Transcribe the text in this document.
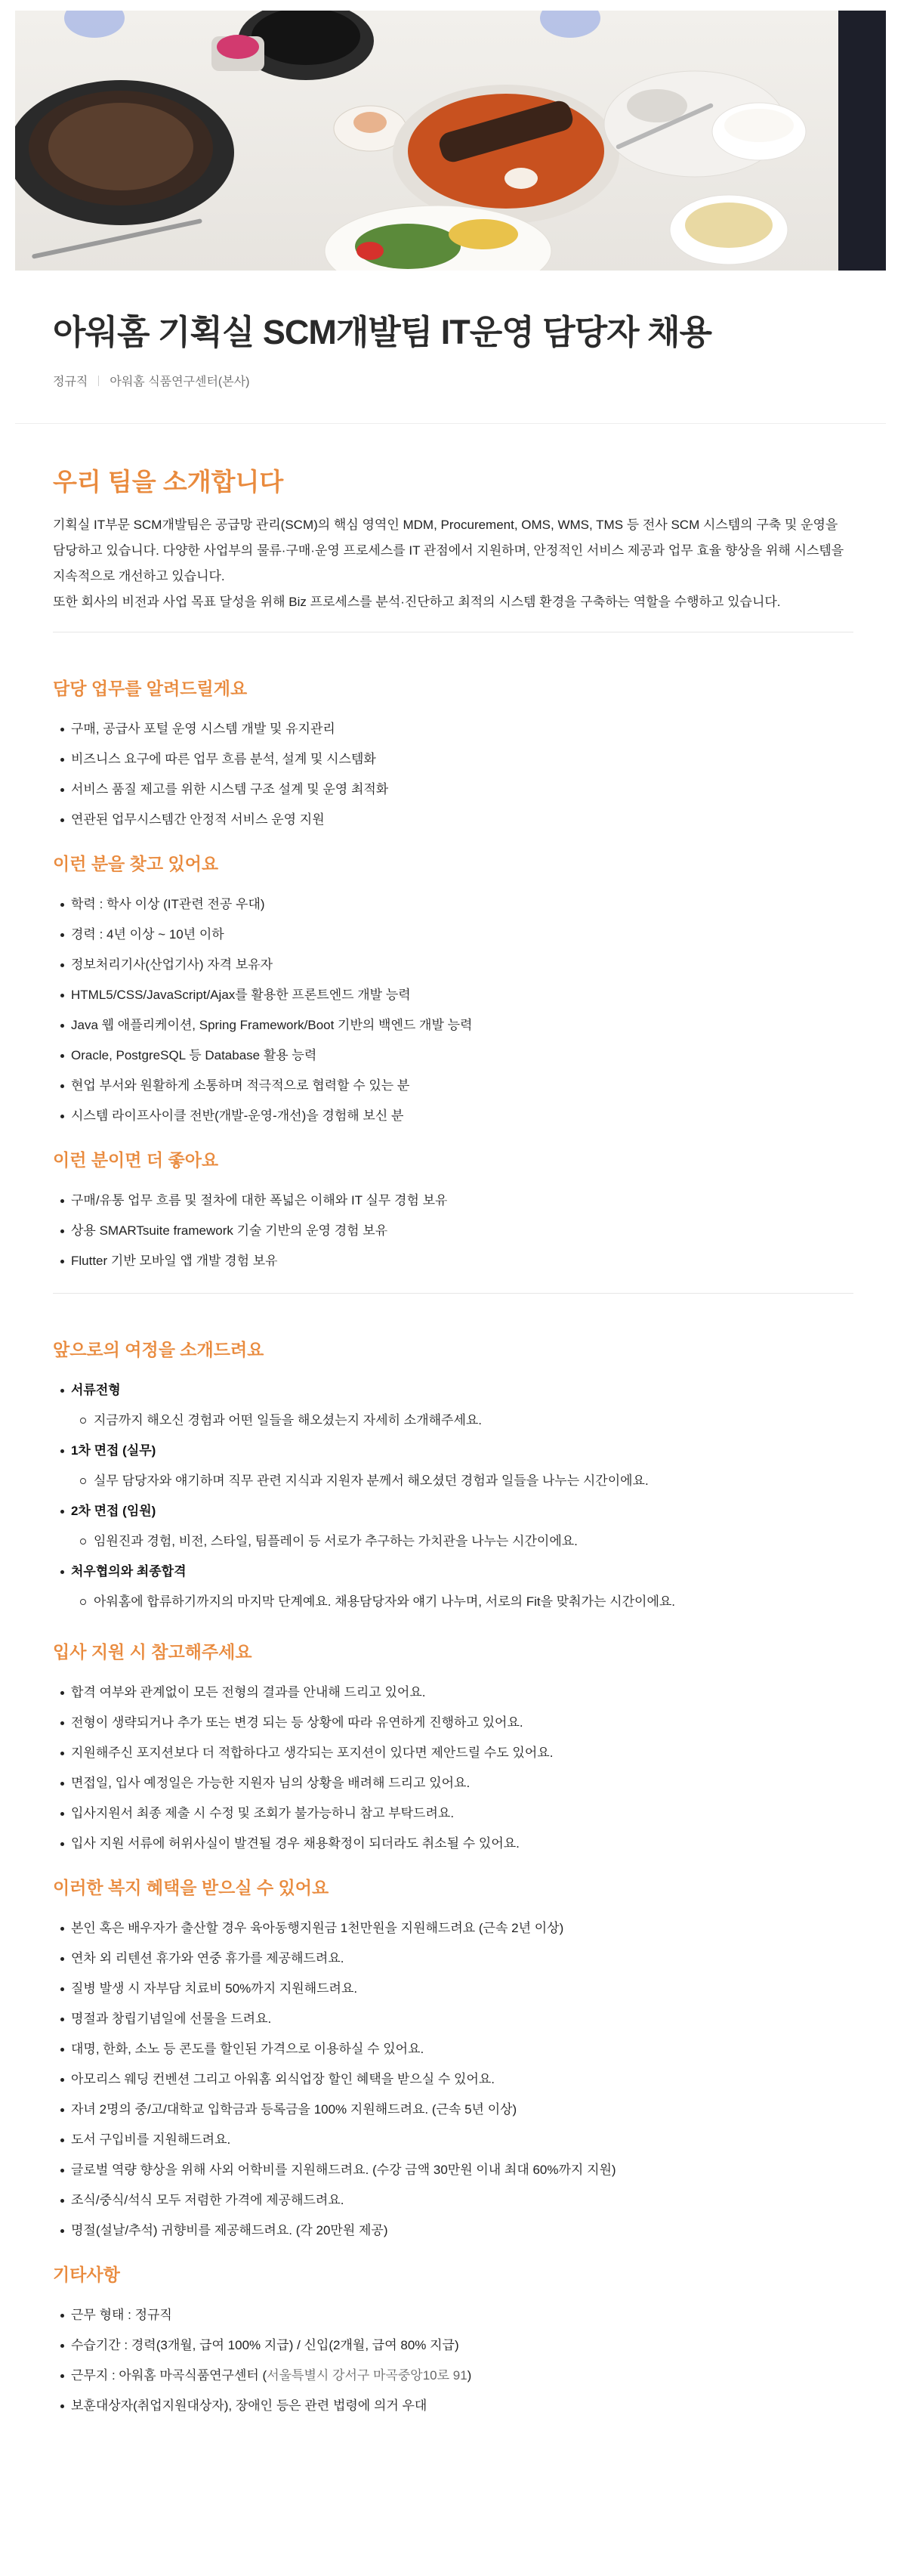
아워홈 기획실 SCM개발팀 IT운영 담당자 채용
정규직 아워홈 식품연구센터(본사)
우리 팀을 소개합니다

기획실 IT부문 SCM개발팀은 공급망 관리(SCM)의 핵심 영역인 MDM, Procurement, OMS, WMS, TMS 등 전사 SCM 시스템의 구축 및 운영을 담당하고 있습니다. 다양한 사업부의 물류·구매·운영 프로세스를 IT 관점에서 지원하며, 안정적인 서비스 제공과 업무 효율 향상을 위해 시스템을 지속적으로 개선하고 있습니다.

또한 회사의 비전과 사업 목표 달성을 위해 Biz 프로세스를 분석·진단하고 최적의 시스템 환경을 구축하는 역할을 수행하고 있습니다.

담당 업무를 알려드릴게요
구매, 공급사 포털 운영 시스템 개발 및 유지관리
비즈니스 요구에 따른 업무 흐름 분석, 설계 및 시스템화
서비스 품질 제고를 위한 시스템 구조 설계 및 운영 최적화
연관된 업무시스템간 안정적 서비스 운영 지원
이런 분을 찾고 있어요
학력 : 학사 이상 (IT관련 전공 우대)
경력 : 4년 이상 ~ 10년 이하
정보처리기사(산업기사) 자격 보유자
HTML5/CSS/JavaScript/Ajax를 활용한 프론트엔드 개발 능력
Java 웹 애플리케이션, Spring Framework/Boot 기반의 백엔드 개발 능력
Oracle, PostgreSQL 등 Database 활용 능력
현업 부서와 원활하게 소통하며 적극적으로 협력할 수 있는 분
시스템 라이프사이클 전반(개발-운영-개선)을 경험해 보신 분
이런 분이면 더 좋아요
구매/유통 업무 흐름 및 절차에 대한 폭넓은 이해와 IT 실무 경험 보유
상용 SMARTsuite framework 기술 기반의 운영 경험 보유
Flutter 기반 모바일 앱 개발 경험 보유
앞으로의 여정을 소개드려요
서류전형
지금까지 해오신 경험과 어떤 일들을 해오셨는지 자세히 소개해주세요.
1차 면접 (실무)
실무 담당자와 얘기하며 직무 관련 지식과 지원자 분께서 해오셨던 경험과 일들을 나누는 시간이에요.
2차 면접 (임원)
임원진과 경험, 비전, 스타일, 팀플레이 등 서로가 추구하는 가치관을 나누는 시간이에요.
처우협의와 최종합격
아워홈에 합류하기까지의 마지막 단계예요. 채용담당자와 얘기 나누며, 서로의 Fit을 맞춰가는 시간이에요.
입사 지원 시 참고해주세요
합격 여부와 관계없이 모든 전형의 결과를 안내해 드리고 있어요.
전형이 생략되거나 추가 또는 변경 되는 등 상황에 따라 유연하게 진행하고 있어요.
지원해주신 포지션보다 더 적합하다고 생각되는 포지션이 있다면 제안드릴 수도 있어요.
면접일, 입사 예정일은 가능한 지원자 님의 상황을 배려해 드리고 있어요.
입사지원서 최종 제출 시 수정 및 조회가 불가능하니 참고 부탁드려요.
입사 지원 서류에 허위사실이 발견될 경우 채용확정이 되더라도 취소될 수 있어요.
이러한 복지 혜택을 받으실 수 있어요
본인 혹은 배우자가 출산할 경우 육아동행지원금 1천만원을 지원해드려요 (근속 2년 이상)
연차 외 리텐션 휴가와 연중 휴가를 제공해드려요.
질병 발생 시 자부담 치료비 50%까지 지원해드려요.
명절과 창립기념일에 선물을 드려요.
대명, 한화, 소노 등 콘도를 할인된 가격으로 이용하실 수 있어요.
아모리스 웨딩 컨벤션 그리고 아워홈 외식업장 할인 혜택을 받으실 수 있어요.
자녀 2명의 중/고/대학교 입학금과 등록금을 100% 지원해드려요. (근속 5년 이상)
도서 구입비를 지원해드려요.
글로벌 역량 향상을 위해 사외 어학비를 지원해드려요. (수강 금액 30만원 이내 최대 60%까지 지원)
조식/중식/석식 모두 저렴한 가격에 제공해드려요.
명절(설날/추석) 귀향비를 제공해드려요. (각 20만원 제공)
기타사항
근무 형태 : 정규직
수습기간 : 경력(3개월, 급여 100% 지급) / 신입(2개월, 급여 80% 지급)
근무지 : 아워홈 마곡식품연구센터 (서울특별시 강서구 마곡중앙10로 91)
보훈대상자(취업지원대상자), 장애인 등은 관련 법령에 의거 우대
